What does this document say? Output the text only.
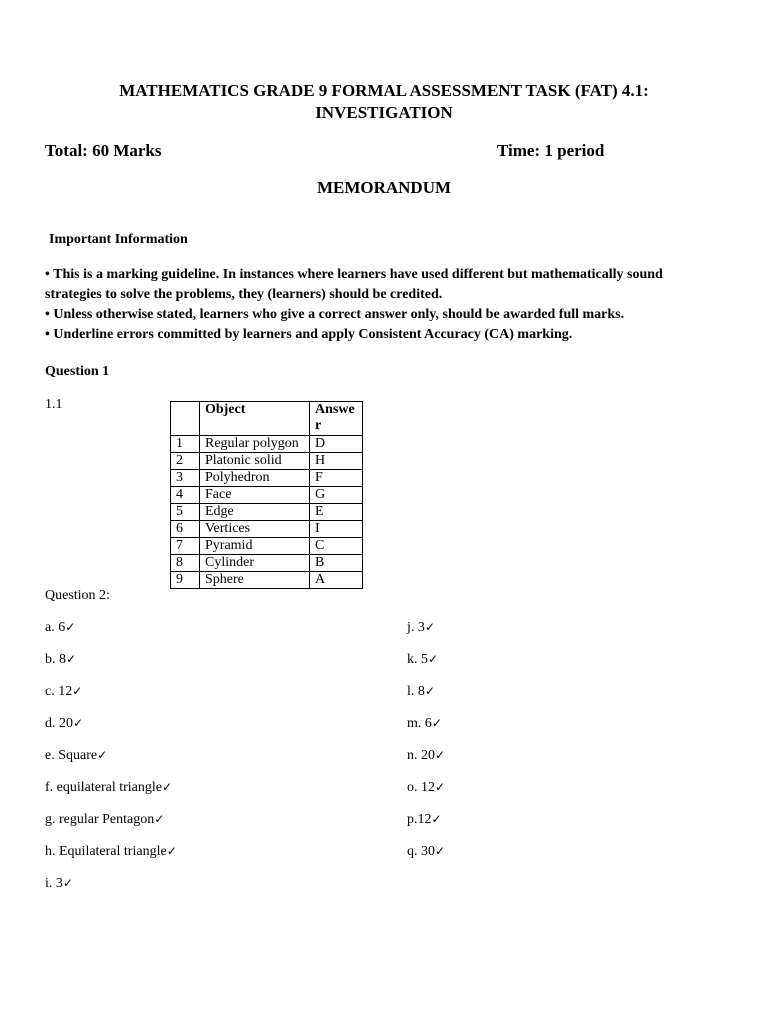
MATHEMATICS GRADE 9 FORMAL ASSESSMENT TASK (FAT) 4.1:
INVESTIGATION
Total: 60 Marks	Time: 1 period
MEMORANDUM
Important Information
• This is a marking guideline. In instances where learners have used different but mathematically sound strategies to solve the problems, they (learners) should be credited.
• Unless otherwise stated, learners who give a correct answer only, should be awarded full marks.
• Underline errors committed by learners and apply Consistent Accuracy (CA) marking.
Question 1
1.1
		Object	Answer
1	Regular polygon	D
2	Platonic solid	H
3	Polyhedron	F
4	Face	G
5	Edge	E
6	Vertices	I
7	Pyramid	C
8	Cylinder	B
9	Sphere	A
Question 2:
a. 6✓
b. 8✓
c. 12✓
d. 20✓
e. Square✓
f. equilateral triangle✓
g. regular Pentagon✓
h. Equilateral triangle✓
i. 3✓
j. 3✓
k. 5✓
l. 8✓
m. 6✓
n. 20✓
o. 12✓
p.12✓
q. 30✓
